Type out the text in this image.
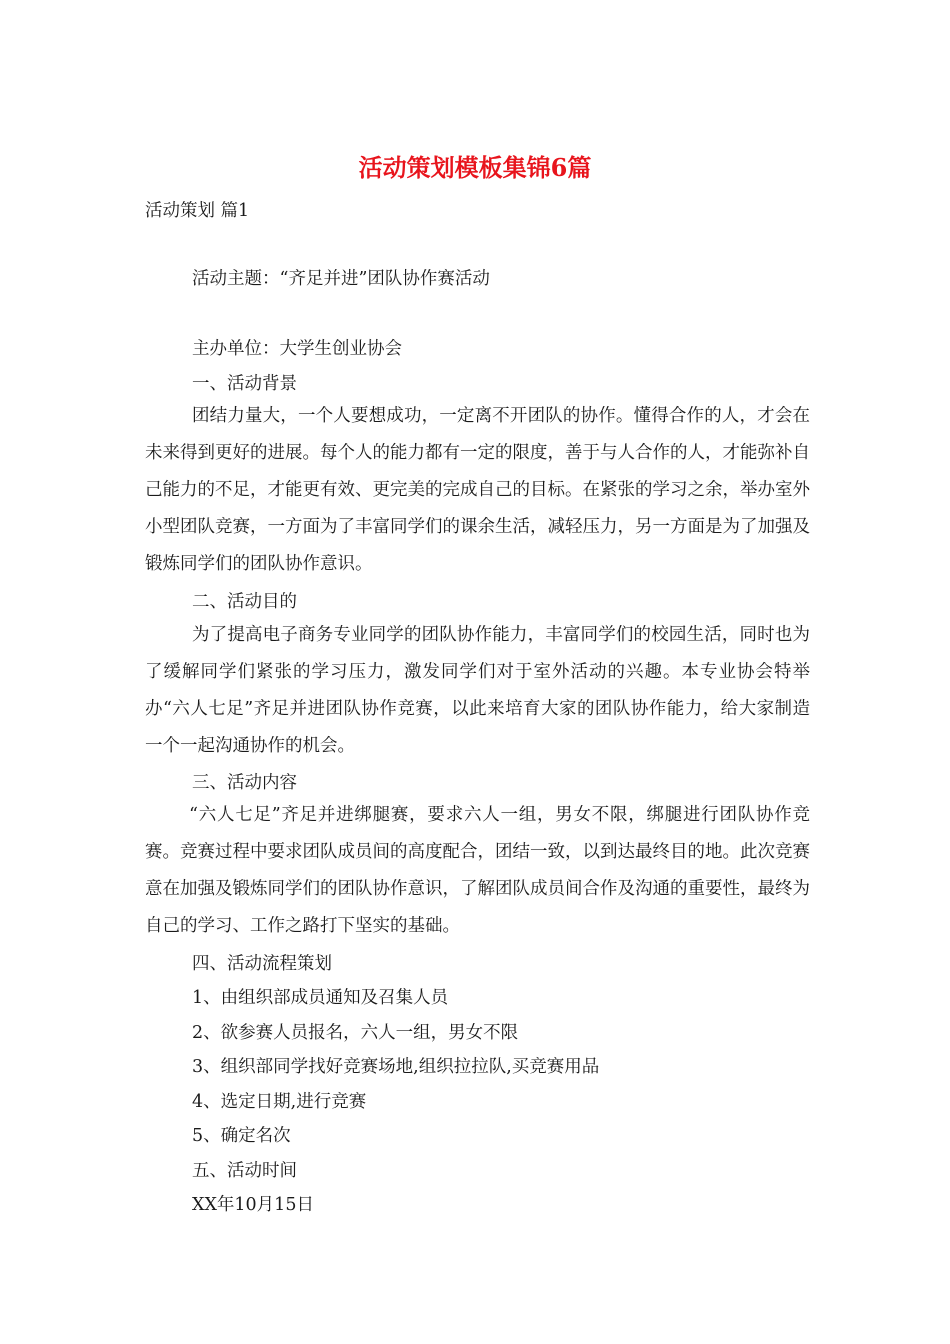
活动策划模板集锦6篇
活动策划 篇1
活动主题：“齐足并进”团队协作赛活动
主办单位：大学生创业协会
一、活动背景
团结力量大，一个人要想成功，一定离不开团队的协作。懂得合作的人，才会在未来得到更好的进展。每个人的能力都有一定的限度，善于与人合作的人，才能弥补自己能力的不足，才能更有效、更完美的完成自己的目标。在紧张的学习之余，举办室外小型团队竞赛，一方面为了丰富同学们的课余生活，减轻压力，另一方面是为了加强及锻炼同学们的团队协作意识。
二、活动目的
为了提高电子商务专业同学的团队协作能力，丰富同学们的校园生活，同时也为了缓解同学们紧张的学习压力，激发同学们对于室外活动的兴趣。本专业协会特举办“六人七足”齐足并进团队协作竞赛，以此来培育大家的团队协作能力，给大家制造一个一起沟通协作的机会。
三、活动内容
“六人七足”齐足并进绑腿赛，要求六人一组，男女不限，绑腿进行团队协作竞赛。竞赛过程中要求团队成员间的高度配合，团结一致，以到达最终目的地。此次竞赛意在加强及锻炼同学们的团队协作意识，了解团队成员间合作及沟通的重要性，最终为自己的学习、工作之路打下坚实的基础。
四、活动流程策划
1、由组织部成员通知及召集人员
2、欲参赛人员报名，六人一组，男女不限
3、组织部同学找好竞赛场地,组织拉拉队,买竞赛用品
4、选定日期,进行竞赛
5、确定名次
五、活动时间
XX年10月15日
